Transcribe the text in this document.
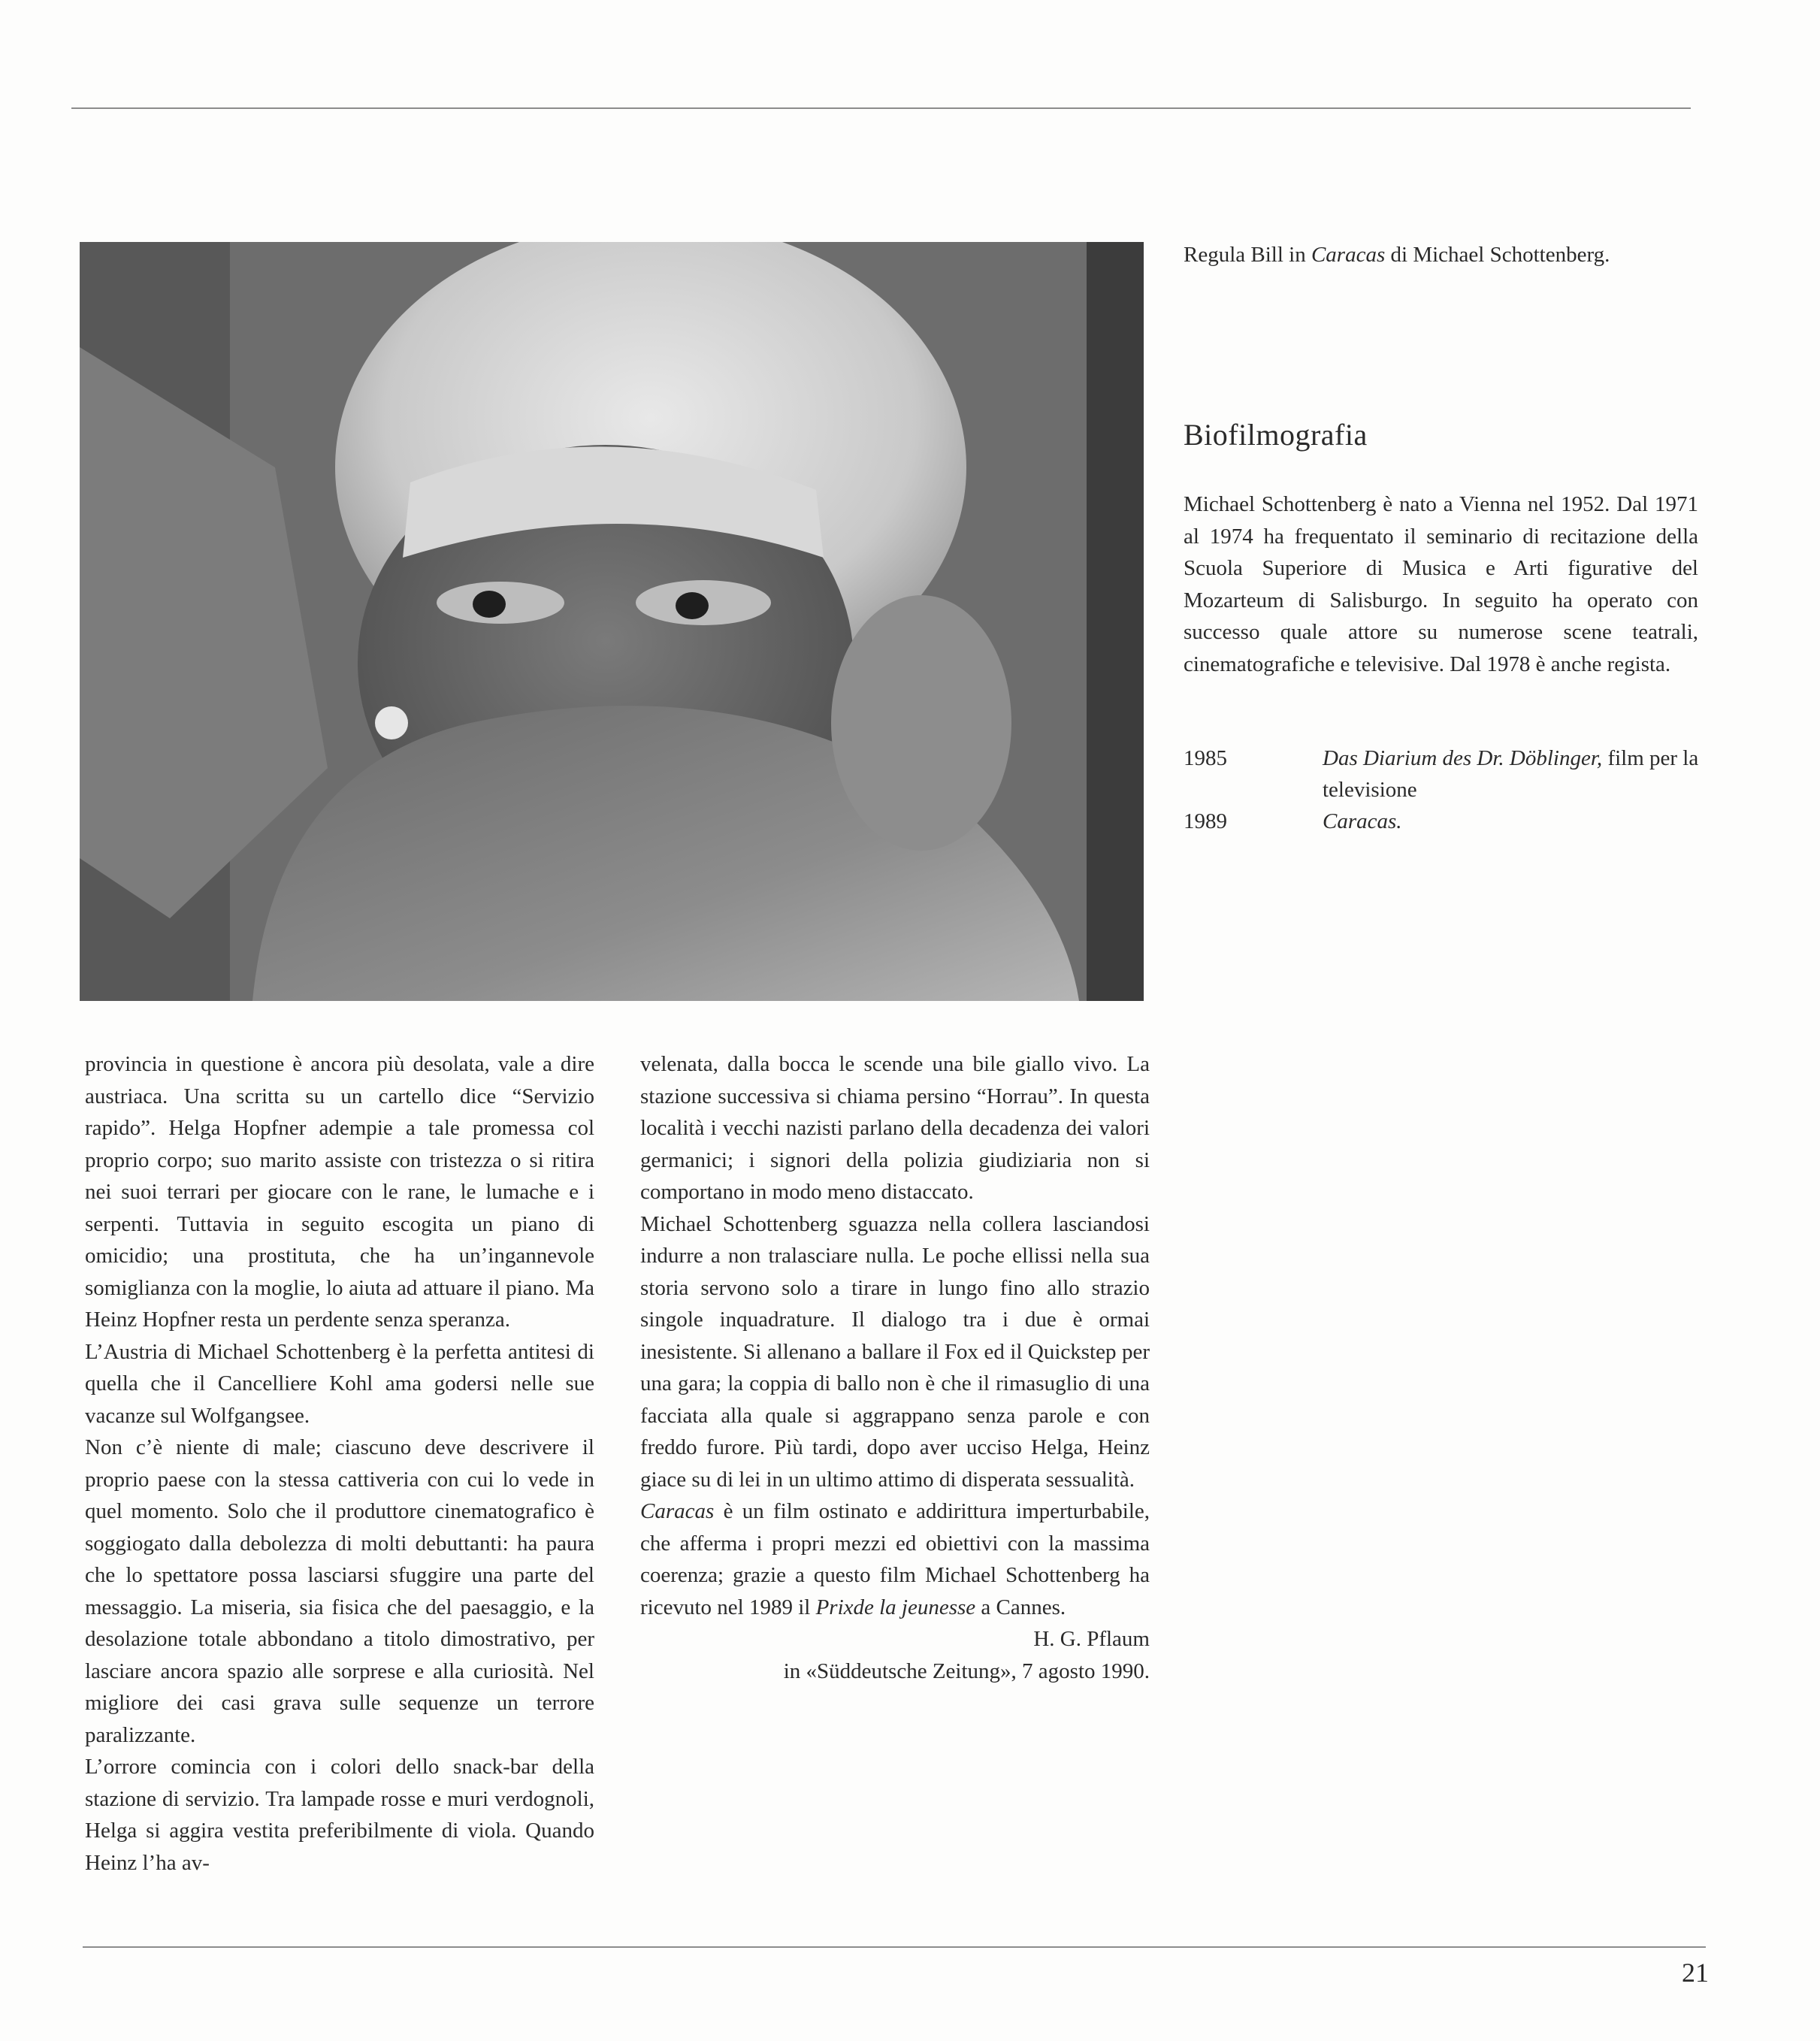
Regula Bill in Caracas di Michael Schottenberg.
Biofilmografia
Michael Schottenberg è nato a Vienna nel 1952. Dal 1971 al 1974 ha frequentato il seminario di recitazione della Scuola Superiore di Musica e Arti figurative del Mozarteum di Salisburgo. In seguito ha operato con successo quale attore su numerose scene teatrali, cinematografiche e televisive. Dal 1978 è anche regista.
1985	Das Diarium des Dr. Döblinger, film per la televisione
1989	Caracas.

provincia in questione è ancora più desolata, vale a dire austriaca. Una scritta su un cartello dice “Servizio rapido”. Helga Hopfner adempie a tale promessa col proprio corpo; suo marito assiste con tristezza o si ritira nei suoi terrari per giocare con le rane, le lumache e i serpenti. Tuttavia in seguito escogita un piano di omicidio; una prostituta, che ha un’ingannevole somiglianza con la moglie, lo aiuta ad attuare il piano. Ma Heinz Hopfner resta un perdente senza speranza.

L’Austria di Michael Schottenberg è la perfetta antitesi di quella che il Cancelliere Kohl ama godersi nelle sue vacanze sul Wolfgangsee.

Non c’è niente di male; ciascuno deve descrivere il proprio paese con la stessa cattiveria con cui lo vede in quel momento. Solo che il produttore cinematografico è soggiogato dalla debolezza di molti debuttanti: ha paura che lo spettatore possa lasciarsi sfuggire una parte del messaggio. La miseria, sia fisica che del paesaggio, e la desolazione totale abbondano a titolo dimostrativo, per lasciare ancora spazio alle sorprese e alla curiosità. Nel migliore dei casi grava sulle sequenze un terrore paralizzante.

L’orrore comincia con i colori dello snack-bar della stazione di servizio. Tra lampade rosse e muri verdognoli, Helga si aggira vestita preferibilmente di viola. Quando Heinz l’ha av-

velenata, dalla bocca le scende una bile giallo vivo. La stazione successiva si chiama persino “Horrau”. In questa località i vecchi nazisti parlano della decadenza dei valori germanici; i signori della polizia giudiziaria non si comportano in modo meno distaccato.

Michael Schottenberg sguazza nella collera lasciandosi indurre a non tralasciare nulla. Le poche ellissi nella sua storia servono solo a tirare in lungo fino allo strazio singole inquadrature. Il dialogo tra i due è ormai inesistente. Si allenano a ballare il Fox ed il Quickstep per una gara; la coppia di ballo non è che il rimasuglio di una facciata alla quale si aggrappano senza parole e con freddo furore. Più tardi, dopo aver ucciso Helga, Heinz giace su di lei in un ultimo attimo di disperata sessualità.

Caracas è un film ostinato e addirittura imperturbabile, che afferma i propri mezzi ed obiettivi con la massima coerenza; grazie a questo film Michael Schottenberg ha ricevuto nel 1989 il Prixde la jeunesse a Cannes.

H. G. Pflaum

in «Süddeutsche Zeitung», 7 agosto 1990.

21
